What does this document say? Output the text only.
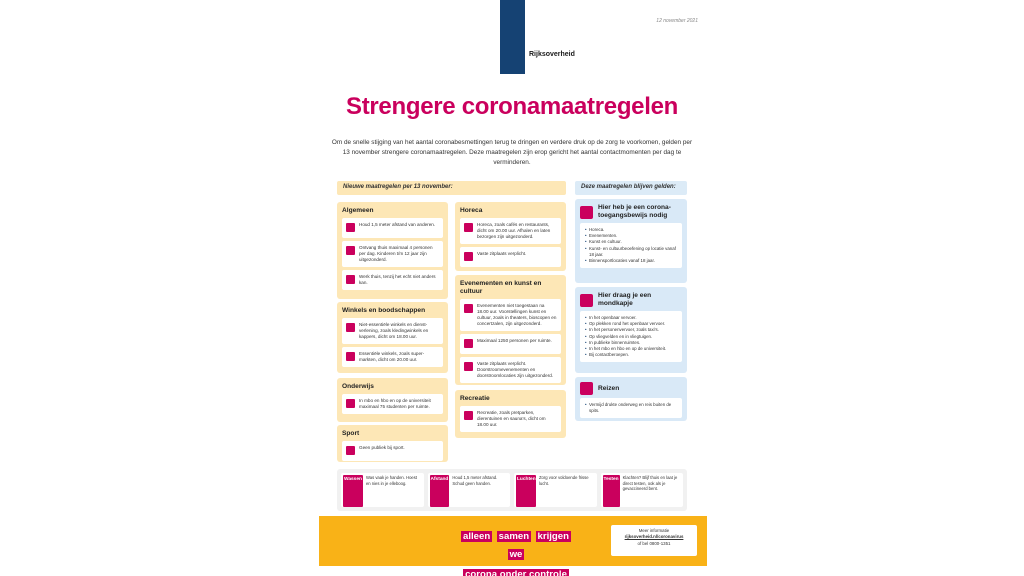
Rijksoverheid
12 november 2021
Strengere coronamaatregelen
Om de snelle stijging van het aantal coronabesmettingen terug te dringen en verdere druk op de zorg te voorkomen, gelden per 13 november strengere coronamaatregelen. Deze maatregelen zijn erop gericht het aantal contactmomenten per dag te verminderen.
Nieuwe maatregelen per 13 november:	Deze maatregelen blijven gelden:
Algemeen
Houd 1,5 meter afstand van anderen.
Ontvang thuis maximaal 4 personen per dag. Kinderen t/m 12 jaar zijn uitgezonderd.
Werk thuis, tenzij het echt niet anders kan.
Winkels en boodschappen
Niet-essentiële winkels en dienst-verlening, zoals kledingwinkels en kappers, dicht om 18.00 uur.
Essentiële winkels, zoals super-markten, dicht om 20.00 uur.
Onderwijs
In mbo en hbo en op de universiteit maximaal 75 studenten per ruimte.
Sport
Geen publiek bij sport.
Horeca
Horeca, zoals cafés en restaurants, dicht om 20.00 uur. Afhalen en laten bezorgen zijn uitgezonderd.
Vaste zitplaats verplicht.
Evenementen en kunst en cultuur
Evenementen niet toegestaan na 18.00 uur. Voorstellingen kunst en cultuur, zoals in theaters, bioscopen en concertzalen, zijn uitgezonderd.
Maximaal 1250 personen per ruimte.
Vaste zitplaats verplicht. Doorstroomevenementen en doorstroomlocaties zijn uitgezonderd.
Recreatie
Recreatie, zoals pretparken, dierentuinen en sauna's, dicht om 18.00 uur.
Hier heb je een corona-toegangsbewijs nodig
• Horeca.
• Evenementen.
• Kunst en cultuur.
• Kunst- en cultuurbeoefening op locatie vanaf 18 jaar.
• Binnensportlocaties vanaf 18 jaar.
Hier draag je een mondkapje
• In het openbaar vervoer.
• Op plekken rond het openbaar vervoer.
• In het personenvervoer, zoals taxi's.
• Op vliegvelden en in vliegtuigen.
• In publieke binnenruimtes.
• In het mbo en hbo en op de universiteit.
• Bij contactberoepen.
Reizen
• Vermijd drukte onderweg en reis buiten de spits.
Wassen Was vaak je handen. Hoest en nies in je elleboog.
Afstand Houd 1,5 meter afstand. Schud geen handen.
Luchten Zorg voor voldoende frisse lucht.
Testen Klachten? Blijf thuis en laat je direct testen, ook als je gevaccineerd bent.
alleen samen krijgen we corona onder controle
Meer informatie
rijksoverheid.nl/coronavirus
of bel 0800-1351
